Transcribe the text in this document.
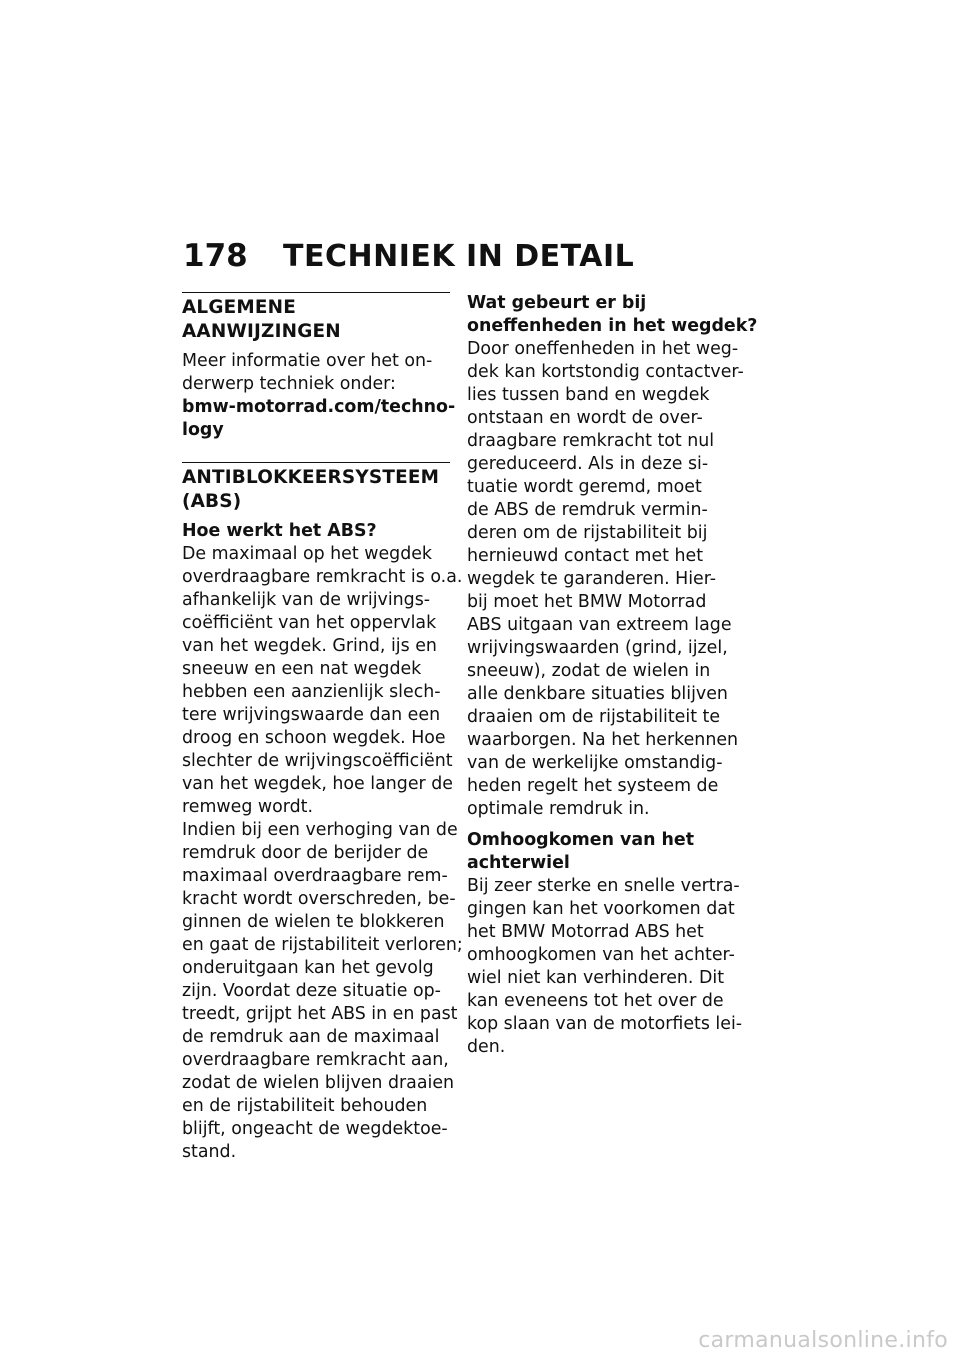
178	TECHNIEK IN DETAIL
ALGEMENE AANWIJZINGEN

Meer informatie over het on-
derwerp techniek onder:

bmw-motorrad.com/techno-
logy

ANTIBLOKKEERSYSTEEM
(ABS)

Hoe werkt het ABS?

De maximaal op het wegdek
overdraagbare remkracht is o.a.
afhankelijk van de wrijvings-
coëfficiënt van het oppervlak
van het wegdek. Grind, ijs en
sneeuw en een nat wegdek
hebben een aanzienlijk slech-
tere wrijvingswaarde dan een
droog en schoon wegdek. Hoe
slechter de wrijvingscoëfficiënt
van het wegdek, hoe langer de
remweg wordt.

Indien bij een verhoging van de
remdruk door de berijder de
maximaal overdraagbare rem-
kracht wordt overschreden, be-
ginnen de wielen te blokkeren
en gaat de rijstabiliteit verloren;
onderuitgaan kan het gevolg
zijn. Voordat deze situatie op-
treedt, grijpt het ABS in en past
de remdruk aan de maximaal
overdraagbare remkracht aan,
zodat de wielen blijven draaien
en de rijstabiliteit behouden
blijft, ongeacht de wegdektoe-
stand.

Wat gebeurt er bij
oneffenheden in het wegdek?

Door oneffenheden in het weg-
dek kan kortstondig contactver-
lies tussen band en wegdek
ontstaan en wordt de over-
draagbare remkracht tot nul
gereduceerd. Als in deze si-
tuatie wordt geremd, moet
de ABS de remdruk vermin-
deren om de rijstabiliteit bij
hernieuwd contact met het
wegdek te garanderen. Hier-
bij moet het BMW Motorrad
ABS uitgaan van extreem lage
wrijvingswaarden (grind, ijzel,
sneeuw), zodat de wielen in
alle denkbare situaties blijven
draaien om de rijstabiliteit te
waarborgen. Na het herkennen
van de werkelijke omstandig-
heden regelt het systeem de
optimale remdruk in.

Omhoogkomen van het
achterwiel

Bij zeer sterke en snelle vertra-
gingen kan het voorkomen dat
het BMW Motorrad ABS het
omhoogkomen van het achter-
wiel niet kan verhinderen. Dit
kan eveneens tot het over de
kop slaan van de motorfiets lei-
den.

carmanualsonline.info
